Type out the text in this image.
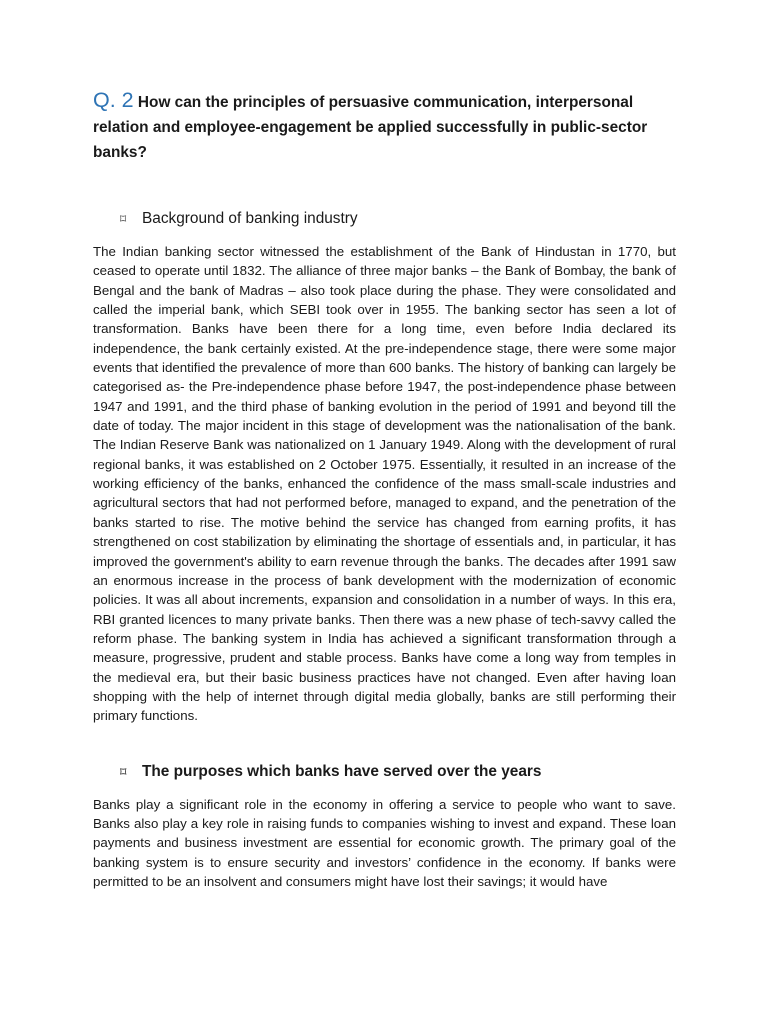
Q. 2 How can the principles of persuasive communication, interpersonal relation and employee-engagement be applied successfully in public-sector banks?

⌑	Background of banking industry

The Indian banking sector witnessed the establishment of the Bank of Hindustan in 1770, but ceased to operate until 1832. The alliance of three major banks – the Bank of Bombay, the bank of Bengal and the bank of Madras – also took place during the phase. They were consolidated and called the imperial bank, which SEBI took over in 1955. The banking sector has seen a lot of transformation. Banks have been there for a long time, even before India declared its independence, the bank certainly existed. At the pre-independence stage, there were some major events that identified the prevalence of more than 600 banks. The history of banking can largely be categorised as- the Pre-independence phase before 1947, the post-independence phase between 1947 and 1991, and the third phase of banking evolution in the period of 1991 and beyond till the date of today. The major incident in this stage of development was the nationalisation of the bank. The Indian Reserve Bank was nationalized on 1 January 1949. Along with the development of rural regional banks, it was established on 2 October 1975. Essentially, it resulted in an increase of the working efficiency of the banks, enhanced the confidence of the mass small-scale industries and agricultural sectors that had not performed before, managed to expand, and the penetration of the banks started to rise. The motive behind the service has changed from earning profits, it has strengthened on cost stabilization by eliminating the shortage of essentials and, in particular, it has improved the government's ability to earn revenue through the banks. The decades after 1991 saw an enormous increase in the process of bank development with the modernization of economic policies. It was all about increments, expansion and consolidation in a number of ways. In this era, RBI granted licences to many private banks. Then there was a new phase of tech-savvy called the reform phase. The banking system in India has achieved a significant transformation through a measure, progressive, prudent and stable process. Banks have come a long way from temples in the medieval era, but their basic business practices have not changed. Even after having loan shopping with the help of internet through digital media globally, banks are still performing their primary functions.

⌑	The purposes which banks have served over the years

Banks play a significant role in the economy in offering a service to people who want to save. Banks also play a key role in raising funds to companies wishing to invest and expand. These loan payments and business investment are essential for economic growth. The primary goal of the banking system is to ensure security and investors’ confidence in the economy. If banks were permitted to be an insolvent and consumers might have lost their savings; it would have
